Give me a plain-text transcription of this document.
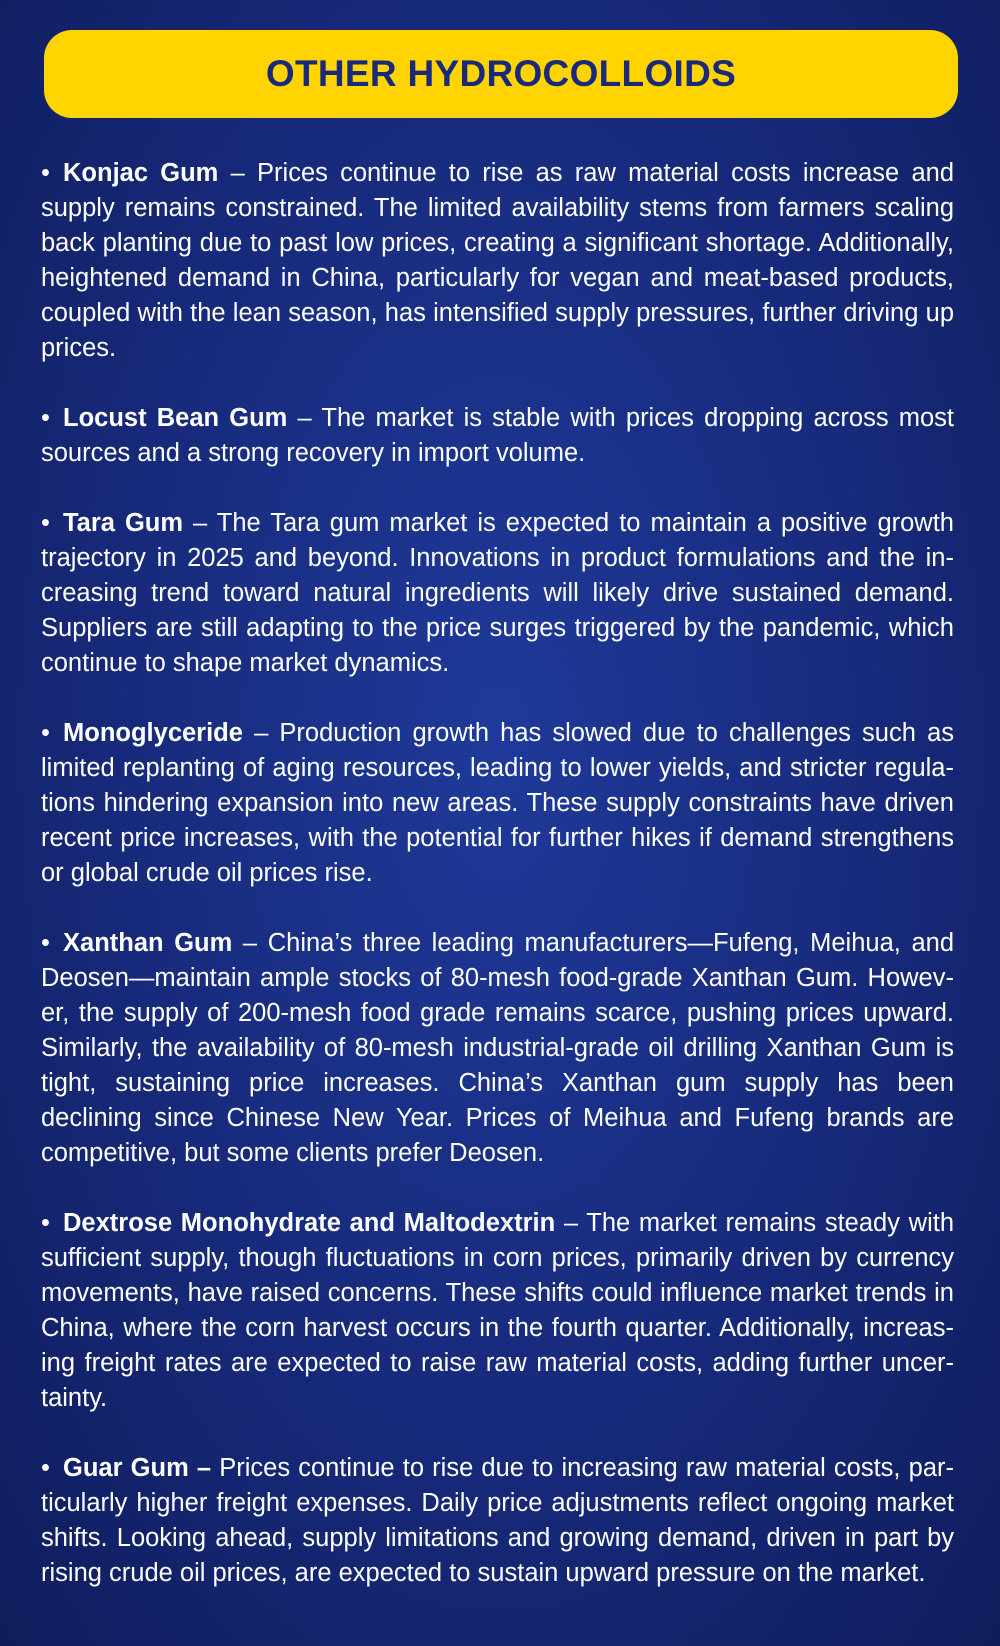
OTHER HYDROCOLLOIDS

• Konjac Gum – Prices continue to rise as raw material costs increase and supply remains constrained. The limited availability stems from farmers scaling back planting due to past low prices, creating a significant shortage. Additionally, heightened demand in China, particularly for vegan and meat-based products, coupled with the lean season, has intensified supply pressures, further driving up prices.

• Locust Bean Gum – The market is stable with prices dropping across most sources and a strong recovery in import volume.

• Tara Gum – The Tara gum market is expected to maintain a positive growth trajectory in 2025 and beyond. Innovations in product formulations and the increasing trend toward natural ingredients will likely drive sustained demand. Suppliers are still adapting to the price surges triggered by the pandemic, which continue to shape market dynamics.

• Monoglyceride – Production growth has slowed due to challenges such as limited replanting of aging resources, leading to lower yields, and stricter regulations hindering expansion into new areas. These supply constraints have driven recent price increases, with the potential for further hikes if demand strengthens or global crude oil prices rise.

• Xanthan Gum – China’s three leading manufacturers—Fufeng, Meihua, and Deosen—maintain ample stocks of 80-mesh food-grade Xanthan Gum. However, the supply of 200-mesh food grade remains scarce, pushing prices upward. Similarly, the availability of 80-mesh industrial-grade oil drilling Xanthan Gum is tight, sustaining price increases. China’s Xanthan gum supply has been declining since Chinese New Year. Prices of Meihua and Fufeng brands are competitive, but some clients prefer Deosen.

• Dextrose Monohydrate and Maltodextrin – The market remains steady with sufficient supply, though fluctuations in corn prices, primarily driven by currency movements, have raised concerns. These shifts could influence market trends in China, where the corn harvest occurs in the fourth quarter. Additionally, increasing freight rates are expected to raise raw material costs, adding further uncertainty.

• Guar Gum – Prices continue to rise due to increasing raw material costs, particularly higher freight expenses. Daily price adjustments reflect ongoing market shifts. Looking ahead, supply limitations and growing demand, driven in part by rising crude oil prices, are expected to sustain upward pressure on the market.
